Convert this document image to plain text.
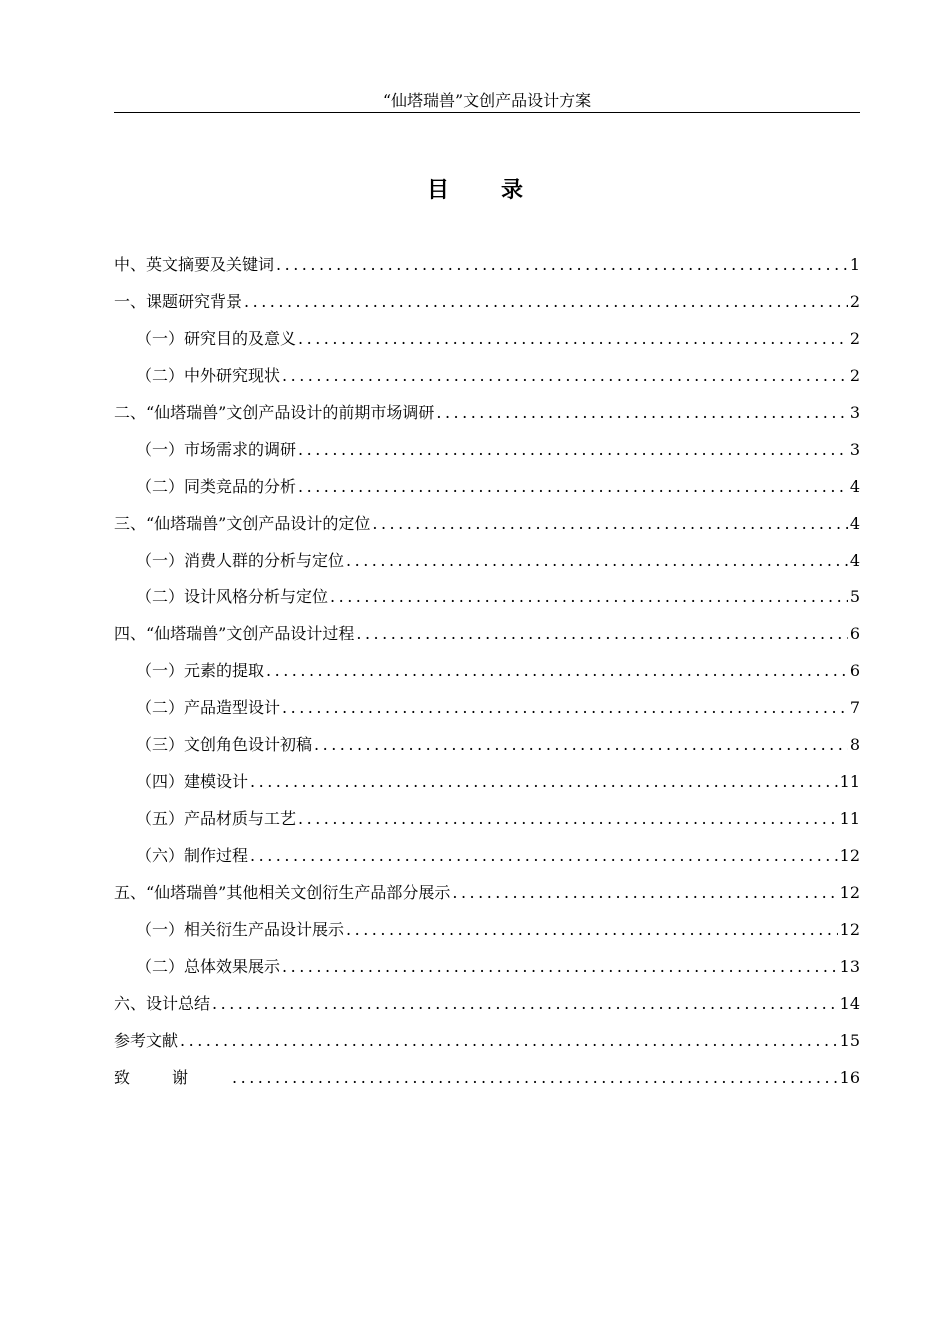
“仙塔瑞兽”文创产品设计方案
目录
中、英文摘要及关键词 .....	1
一、课题研究背景 .....	2
（一）研究目的及意义 .....	2
（二）中外研究现状 .....	2
二、“仙塔瑞兽”文创产品设计的前期市场调研 .....	3
（一）市场需求的调研 .....	3
（二）同类竞品的分析 .....	4
三、“仙塔瑞兽”文创产品设计的定位 .....	4
（一）消费人群的分析与定位 .....	4
（二）设计风格分析与定位 .....	5
四、“仙塔瑞兽”文创产品设计过程 .....	6
（一）元素的提取 .....	6
（二）产品造型设计 .....	7
（三）文创角色设计初稿 .....	8
（四）建模设计 .....	11
（五）产品材质与工艺 .....	11
（六）制作过程 .....	12
五、“仙塔瑞兽”其他相关文创衍生产品部分展示 .....	12
（一）相关衍生产品设计展示 .....	12
（二）总体效果展示 .....	13
六、设计总结 .....	14
参考文献 .....	15
致谢 .....	16
